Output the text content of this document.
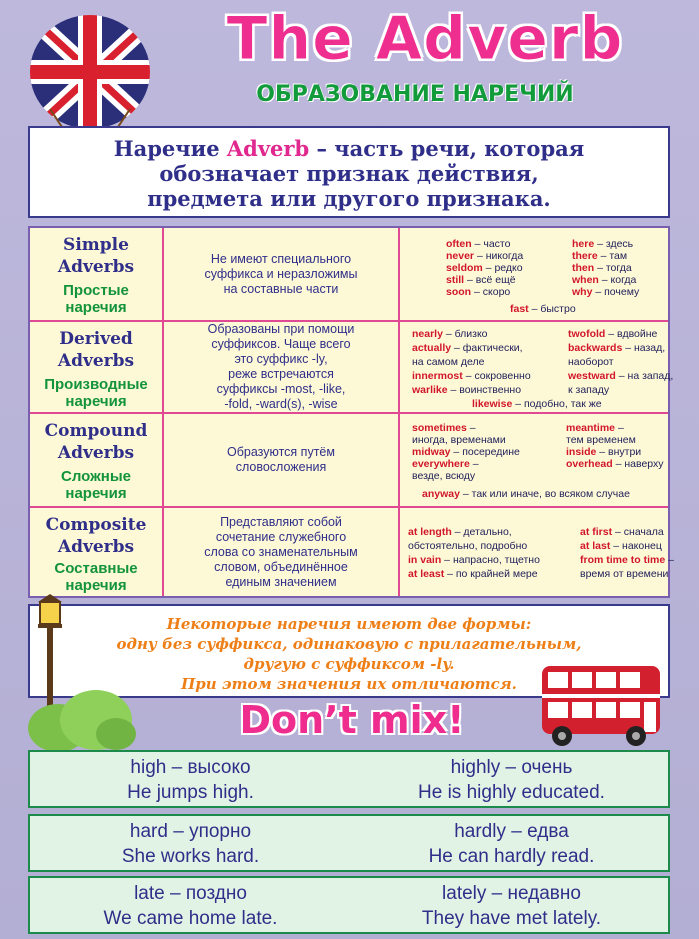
The Adverb
ОБРАЗОВАНИЕ НАРЕЧИЙ
Наречие Adverb – часть речи, которая
обозначает признак действия,
предмета или другого признака.
Simple
Adverbs
Простые
наречия
Не имеют специального
суффикса и неразложимы
на составные части
often – часто	here – здесь
never – никогда	there – там
seldom – редко	then – тогда
still – всё ещё	when – когда
soon – скоро	why – почему
fast – быстро
Derived
Adverbs
Производные
наречия
Образованы при помощи
суффиксов. Чаще всего
это суффикс -ly,
реже встречаются
суффиксы -most, -like,
-fold, -ward(s), -wise
nearly – близко	twofold – вдвойне
actually – фактически,	backwards – назад,
на самом деле	наоборот
innermost – сокровенно	westward – на запад,
warlike – воинственно	к западу
likewise – подобно, так же
Compound
Adverbs
Сложные
наречия
Образуются путём
словосложения
sometimes –	meantime –
иногда, временами	тем временем
midway – посередине	inside – внутри
everywhere –	overhead – наверху
везде, всюду
anyway – так или иначе, во всяком случае
Composite
Adverbs
Составные
наречия
Представляют собой
сочетание служебного
слова со знаменательным
словом, объединённое
единым значением
at length – детально,	at first – сначала
обстоятельно, подробно	at last – наконец
in vain – напрасно, тщетно	from time to time –
at least – по крайней мере	время от времени
Некоторые наречия имеют две формы:
одну без суффикса, одинаковую с прилагательным,
другую с суффиксом -ly.
При этом значения их отличаются.
Don’t mix!
high – высоко
He jumps high.
highly – очень
He is highly educated.
hard – упорно
She works hard.
hardly – едва
He can hardly read.
late – поздно
We came home late.
lately – недавно
They have met lately.
